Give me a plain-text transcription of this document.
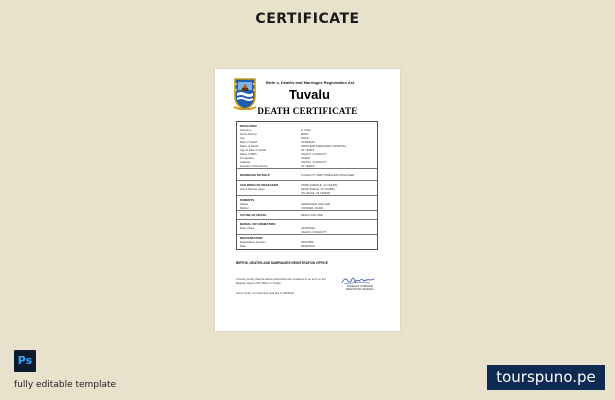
CERTIFICATE
Birth s, Deaths and Marriages Registration Act
Tuvalu
DEATH CERTIFICATE
DECEASED
Surname	LI XIAO
Given Names	MING
Sex	MALE
Date of Death	01/06/2022
Place of Death	PRINCESS MARGARET HOSPITAL
Age at Date of Death	46 YEARS
Place of Birth	VAIAKU, FUNAFUTI
Occupation	CLERK
Address	VAIAKU, FUNAFUTI
Duration of Residence	16 YEARS
MARRIAGE DETAILS	FUNAFUTI, 2008 TIOMALIMA SCHAFFER
CHILDREN OF DECEASED	ANNE (FEMALE, 10 YEARS)
Given Names, Ages	KEVIN (MALE, 13 YEARS)
JIN (MALE, 15 YEARS)
PARENTS
Father	SHENGUEN, WILLIAM
Mother	COOPER, MARIA
CAUSE OF DEATH	RENAL FAILURE
BURIAL OR CREMATION
Date, Place	04/06/2022
VAIAKU, FUNAFUTI
REGISTRATION
Registration Number	20041589
Date	08/06/2022
BIRTHS, DEATHS AND MARRIAGES REGISTRATION OFFICE
I hereby certify that the above particulars are contained in an entry in the Register kept in this Office in Tuvalu
Given under my hand and seal this 17/06/2022
DANIELLE OSBORNE
REGISTRAR GENERAL
Ps
fully editable template	tourspuno.pe
